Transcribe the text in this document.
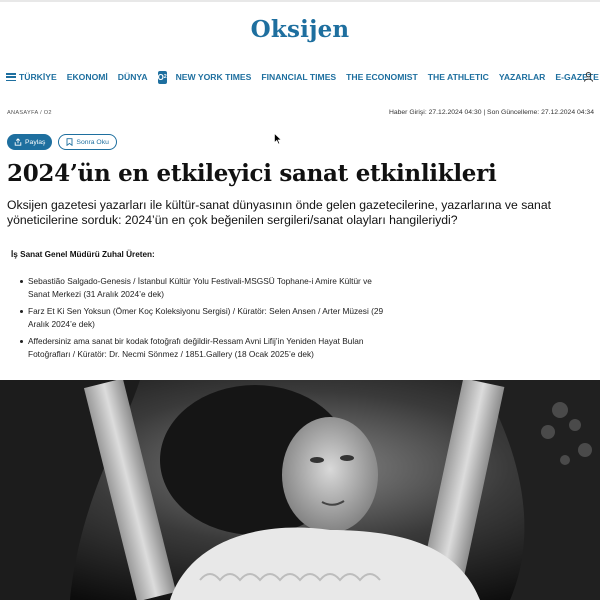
Oksijen
TÜRKİYE EKONOMİ DÜNYA O 2 NEW YORK TIMES FINANCIAL TIMES THE ECONOMIST THE ATHLETIC YAZARLAR E-GAZETE
ANASAYFA / O2	Haber Girişi: 27.12.2024 04:30 | Son Güncelleme: 27.12.2024 04:34
Paylaş	Sonra Oku
2024’ün en etkileyici sanat etkinlikleri

Oksijen gazetesi yazarları ile kültür-sanat dünyasının önde gelen gazetecilerine, yazarlarına ve sanat yöneticilerine sorduk: 2024’ün en çok beğenilen sergileri/sanat olayları hangileriydi?

İş Sanat Genel Müdürü Zuhal Üreten:

Sebastião Salgado-Genesis / İstanbul Kültür Yolu Festivali-MSGSÜ Tophane-i Amire Kültür ve Sanat Merkezi (31 Aralık 2024’e dek)
Farz Et Ki Sen Yoksun (Ömer Koç Koleksiyonu Sergisi) / Küratör: Selen Ansen / Arter Müzesi (29 Aralık 2024’e dek)
Affedersiniz ama sanat bir kodak fotoğrafı değildir-Ressam Avni Lifij’in Yeniden Hayat Bulan Fotoğrafları / Küratör: Dr. Necmi Sönmez / 1851.Gallery (18 Ocak 2025’e dek)
